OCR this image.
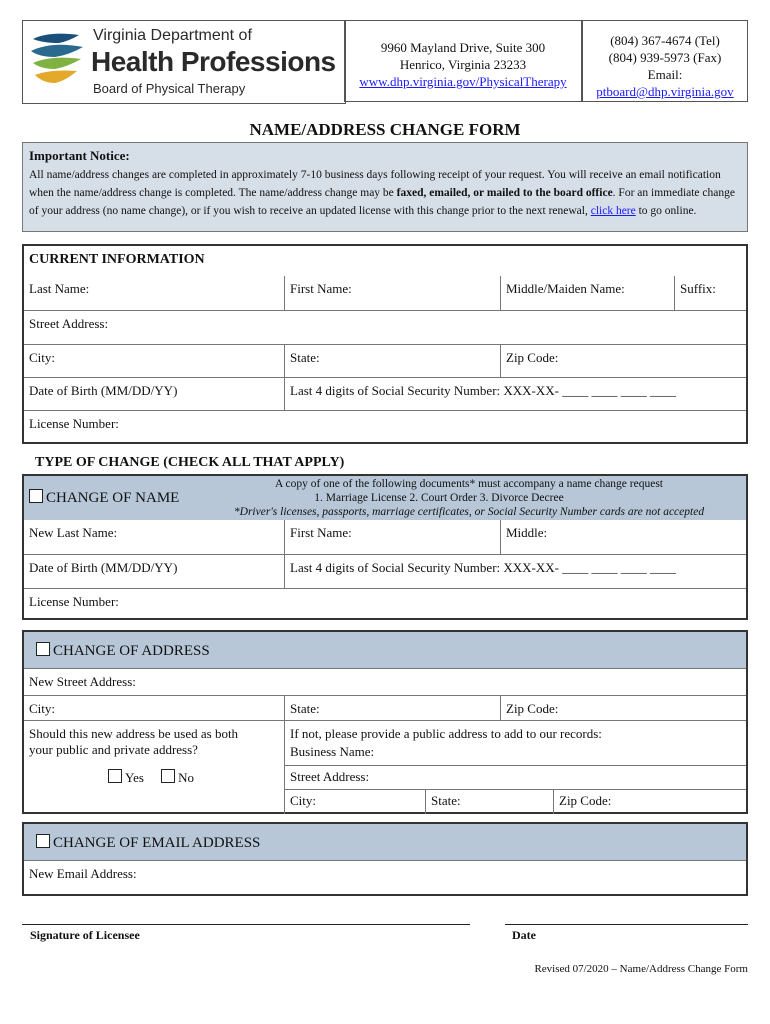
Virginia Department of
Health Professions
Board of Physical Therapy
9960 Mayland Drive, Suite 300
Henrico, Virginia 23233
www.dhp.virginia.gov/PhysicalTherapy
(804) 367-4674 (Tel)
(804) 939-5973 (Fax)
Email:
ptboard@dhp.virginia.gov
NAME/ADDRESS CHANGE FORM
Important Notice:
All name/address changes are completed in approximately 7-10 business days following receipt of your request. You will receive an email notification when the name/address change is completed. The name/address change may be faxed, emailed, or mailed to the board office. For an immediate change of your address (no name change), or if you wish to receive an updated license with this change prior to the next renewal, click here to go online.
CURRENT INFORMATION
Last Name:	First Name:	Middle/Maiden Name:	Suffix:
Street Address:
City:	State:	Zip Code:
Date of Birth (MM/DD/YY)	Last 4 digits of Social Security Number: XXX-XX- ____ ____ ____ ____
License Number:
TYPE OF CHANGE (CHECK ALL THAT APPLY)
CHANGE OF NAME
A copy of one of the following documents* must accompany a name change request
1. Marriage License 2. Court Order 3. Divorce Decree
*Driver's licenses, passports, marriage certificates, or Social Security Number cards are not accepted
New Last Name:	First Name:	Middle:
Date of Birth (MM/DD/YY)	Last 4 digits of Social Security Number: XXX-XX- ____ ____ ____ ____
License Number:
CHANGE OF ADDRESS
New Street Address:
City:	State:	Zip Code:
Should this new address be used as both your public and private address?
Yes	No
If not, please provide a public address to add to our records:
Business Name:
Street Address:
City:	State:	Zip Code:
CHANGE OF EMAIL ADDRESS
New Email Address:
Signature of Licensee	Date
Revised 07/2020 – Name/Address Change Form
